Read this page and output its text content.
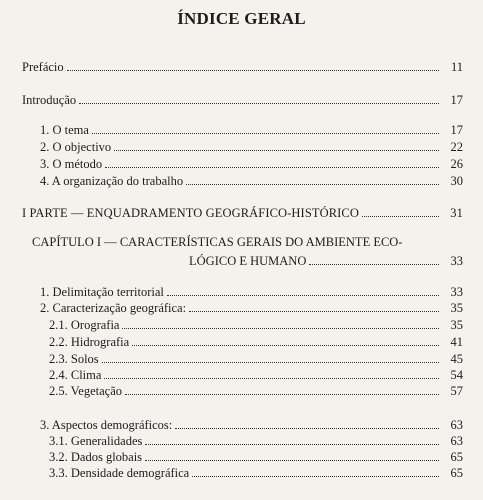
ÍNDICE GERAL
Prefácio	11
Introdução	17
1. O tema	17
2. O objectivo	22
3. O método	26
4. A organização do trabalho	30
I PARTE — ENQUADRAMENTO GEOGRÁFICO-HISTÓRICO	31
CAPÍTULO I — CARACTERÍSTICAS GERAIS DO AMBIENTE ECO-
LÓGICO E HUMANO	33
1. Delimitação territorial	33
2. Caracterização geográfica:	35
2.1. Orografia	35
2.2. Hidrografia	41
2.3. Solos	45
2.4. Clima	54
2.5. Vegetação	57
3. Aspectos demográficos:	63
3.1. Generalidades	63
3.2. Dados globais	65
3.3. Densidade demográfica	65
